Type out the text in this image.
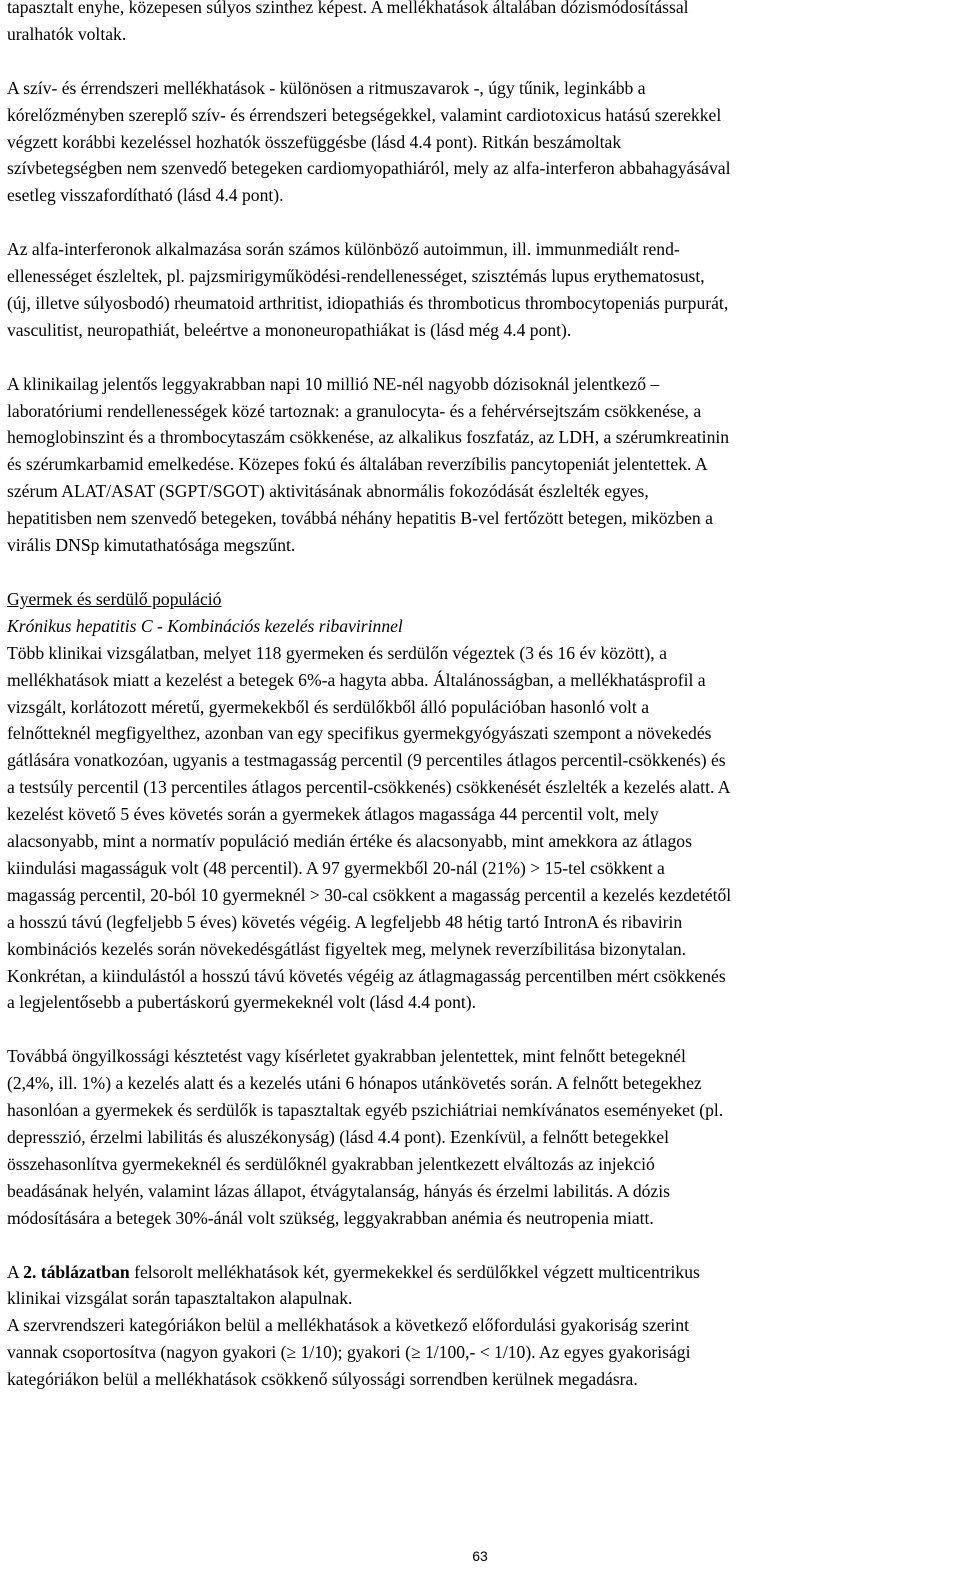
tapasztalt enyhe, közepesen súlyos szinthez képest. A mellékhatások általában dózismódosítással
uralhatók voltak.

A szív- és érrendszeri mellékhatások - különösen a ritmuszavarok -, úgy tűnik, leginkább a
kórelőzményben szereplő szív- és érrendszeri betegségekkel, valamint cardiotoxicus hatású szerekkel
végzett korábbi kezeléssel hozhatók összefüggésbe (lásd 4.4 pont). Ritkán beszámoltak
szívbetegségben nem szenvedő betegeken cardiomyopathiáról, mely az alfa-interferon abbahagyásával
esetleg visszafordítható (lásd 4.4 pont).

Az alfa-interferonok alkalmazása során számos különböző autoimmun, ill. immunmediált rend-
ellenességet észleltek, pl. pajzsmirigyműködési-rendellenességet, szisztémás lupus erythematosust,
(új, illetve súlyosbodó) rheumatoid arthritist, idiopathiás és thromboticus thrombocytopeniás purpurát,
vasculitist, neuropathiát, beleértve a mononeuropathiákat is (lásd még 4.4 pont).

A klinikailag jelentős leggyakrabban napi 10 millió NE-nél nagyobb dózisoknál jelentkező –
laboratóriumi rendellenességek közé tartoznak: a granulocyta- és a fehérvérsejtszám csökkenése, a
hemoglobinszint és a thrombocytaszám csökkenése, az alkalikus foszfatáz, az LDH, a szérumkreatinin
és szérumkarbamid emelkedése. Közepes fokú és általában reverzíbilis pancytopeniát jelentettek. A
szérum ALAT/ASAT (SGPT/SGOT) aktivitásának abnormális fokozódását észlelték egyes,
hepatitisben nem szenvedő betegeken, továbbá néhány hepatitis B-vel fertőzött betegen, miközben a
virális DNSp kimutathatósága megszűnt.

Gyermek és serdülő populáció
Krónikus hepatitis C - Kombinációs kezelés ribavirinnel
Több klinikai vizsgálatban, melyet 118 gyermeken és serdülőn végeztek (3 és 16 év között), a
mellékhatások miatt a kezelést a betegek 6%-a hagyta abba. Általánosságban, a mellékhatásprofil a
vizsgált, korlátozott méretű, gyermekekből és serdülőkből álló populációban hasonló volt a
felnőtteknél megfigyelthez, azonban van egy specifikus gyermekgyógyászati szempont a növekedés
gátlására vonatkozóan, ugyanis a testmagasság percentil (9 percentiles átlagos percentil-csökkenés) és
a testsúly percentil (13 percentiles átlagos percentil-csökkenés) csökkenését észlelték a kezelés alatt. A
kezelést követő 5 éves követés során a gyermekek átlagos magassága 44 percentil volt, mely
alacsonyabb, mint a normatív populáció medián értéke és alacsonyabb, mint amekkora az átlagos
kiindulási magasságuk volt (48 percentil). A 97 gyermekből 20-nál (21%) > 15-tel csökkent a
magasság percentil, 20-ból 10 gyermeknél > 30-cal csökkent a magasság percentil a kezelés kezdetétől
a hosszú távú (legfeljebb 5 éves) követés végéig. A legfeljebb 48 hétig tartó IntronA és ribavirin
kombinációs kezelés során növekedésgátlást figyeltek meg, melynek reverzíbilitása bizonytalan.
Konkrétan, a kiindulástól a hosszú távú követés végéig az átlagmagasság percentilben mért csökkenés
a legjelentősebb a pubertáskorú gyermekeknél volt (lásd 4.4 pont).

Továbbá öngyilkossági késztetést vagy kísérletet gyakrabban jelentettek, mint felnőtt betegeknél
(2,4%, ill. 1%) a kezelés alatt és a kezelés utáni 6 hónapos utánkövetés során. A felnőtt betegekhez
hasonlóan a gyermekek és serdülők is tapasztaltak egyéb pszichiátriai nemkívánatos eseményeket (pl.
depresszió, érzelmi labilitás és aluszékonyság) (lásd 4.4 pont). Ezenkívül, a felnőtt betegekkel
összehasonlítva gyermekeknél és serdülőknél gyakrabban jelentkezett elváltozás az injekció
beadásának helyén, valamint lázas állapot, étvágytalanság, hányás és érzelmi labilitás. A dózis
módosítására a betegek 30%-ánál volt szükség, leggyakrabban anémia és neutropenia miatt.

A 2. táblázatban felsorolt mellékhatások két, gyermekekkel és serdülőkkel végzett multicentrikus
klinikai vizsgálat során tapasztaltakon alapulnak.
A szervrendszeri kategóriákon belül a mellékhatások a következő előfordulási gyakoriság szerint
vannak csoportosítva (nagyon gyakori (≥ 1/10); gyakori (≥ 1/100,- < 1/10). Az egyes gyakorisági
kategóriákon belül a mellékhatások csökkenő súlyossági sorrendben kerülnek megadásra.

63
